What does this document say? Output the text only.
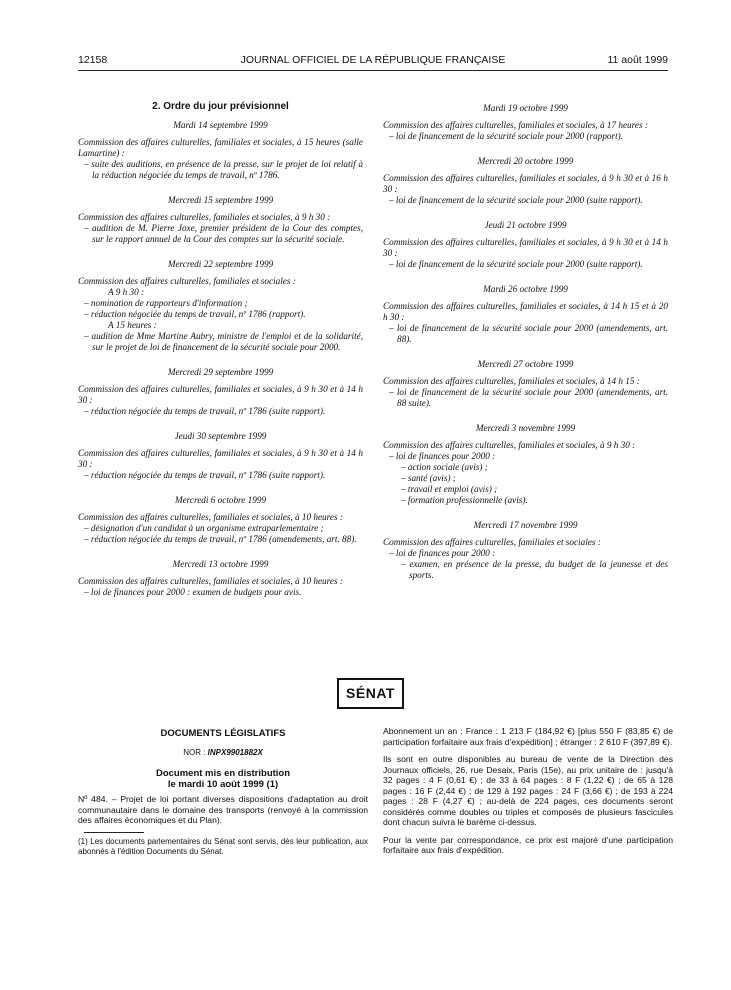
12158	JOURNAL OFFICIEL DE LA RÉPUBLIQUE FRANÇAISE	11 août 1999
2. Ordre du jour prévisionnel
Mardi 14 septembre 1999
Commission des affaires culturelles, familiales et sociales, à 15 heures (salle Lamartine) :
– suite des auditions, en présence de la presse, sur le projet de loi relatif à la réduction négociée du temps de travail, nº 1786.
Mercredi 15 septembre 1999
Commission des affaires culturelles, familiales et sociales, à 9 h 30 :
– audition de M. Pierre Joxe, premier président de la Cour des comptes, sur le rapport annuel de la Cour des comptes sur la sécurité sociale.
Mercredi 22 septembre 1999
Commission des affaires culturelles, familiales et sociales :
A 9 h 30 :
– nomination de rapporteurs d'information ;
– réduction négociée du temps de travail, nº 1786 (rapport).
A 15 heures :
– audition de Mme Martine Aubry, ministre de l'emploi et de la solidarité, sur le projet de loi de financement de la sécurité sociale pour 2000.
Mercredi 29 septembre 1999
Commission des affaires culturelles, familiales et sociales, à 9 h 30 et à 14 h 30 :
– réduction négociée du temps de travail, nº 1786 (suite rapport).
Jeudi 30 septembre 1999
Commission des affaires culturelles, familiales et sociales, à 9 h 30 et à 14 h 30 :
– réduction négociée du temps de travail, nº 1786 (suite rapport).
Mercredi 6 octobre 1999
Commission des affaires culturelles, familiales et sociales, à 10 heures :
– désignation d'un candidat à un organisme extraparlementaire ;
– réduction négociée du temps de travail, nº 1786 (amendements, art. 88).
Mercredi 13 octobre 1999
Commission des affaires culturelles, familiales et sociales, à 10 heures :
– loi de finances pour 2000 : examen de budgets pour avis.
Mardi 19 octobre 1999
Commission des affaires culturelles, familiales et sociales, à 17 heures :
– loi de financement de la sécurité sociale pour 2000 (rapport).
Mercredi 20 octobre 1999
Commission des affaires culturelles, familiales et sociales, à 9 h 30 et à 16 h 30 :
– loi de financement de la sécurité sociale pour 2000 (suite rapport).
Jeudi 21 octobre 1999
Commission des affaires culturelles, familiales et sociales, à 9 h 30 et à 14 h 30 :
– loi de financement de la sécurité sociale pour 2000 (suite rapport).
Mardi 26 octobre 1999
Commission des affaires culturelles, familiales et sociales, à 14 h 15 et à 20 h 30 :
– loi de financement de la sécurité sociale pour 2000 (amendements, art. 88).
Mercredi 27 octobre 1999
Commission des affaires culturelles, familiales et sociales, à 14 h 15 :
– loi de financement de la sécurité sociale pour 2000 (amendements, art. 88 suite).
Mercredi 3 novembre 1999
Commission des affaires culturelles, familiales et sociales, à 9 h 30 :
– loi de finances pour 2000 :
– action sociale (avis) ;
– santé (avis) ;
– travail et emploi (avis) ;
– formation professionnelle (avis).
Mercredi 17 novembre 1999
Commission des affaires culturelles, familiales et sociales :
– loi de finances pour 2000 :
– examen, en présence de la presse, du budget de la jeunesse et des sports.
SÉNAT
DOCUMENTS LÉGISLATIFS
NOR : INPX9901882X
Document mis en distribution
le mardi 10 août 1999 (1)
Nº 484. – Projet de loi portant diverses dispositions d'adaptation au droit communautaire dans le domaine des transports (renvoyé à la commission des affaires économiques et du Plan).
(1) Les documents parlementaires du Sénat sont servis, dès leur publication, aux abonnés à l'édition Documents du Sénat.
Abonnement un an : France : 1 213 F (184,92 €) [plus 550 F (83,85 €) de participation forfaitaire aux frais d'expédition] ; étranger : 2 610 F (397,89 €).
Ils sont en outre disponibles au bureau de vente de la Direction des Journaux officiels, 26, rue Desaix, Paris (15e), au prix unitaire de : jusqu'à 32 pages : 4 F (0,61 €) ; de 33 à 64 pages : 8 F (1,22 €) ; de 65 à 128 pages : 16 F (2,44 €) ; de 129 à 192 pages : 24 F (3,66 €) ; de 193 à 224 pages : 28 F (4,27 €) ; au-delà de 224 pages, ces documents seront considérés comme doubles ou triples et composés de plusieurs fascicules dont chacun suivra le barème ci-dessus.
Pour la vente par correspondance, ce prix est majoré d'une participation forfaitaire aux frais d'expédition.
